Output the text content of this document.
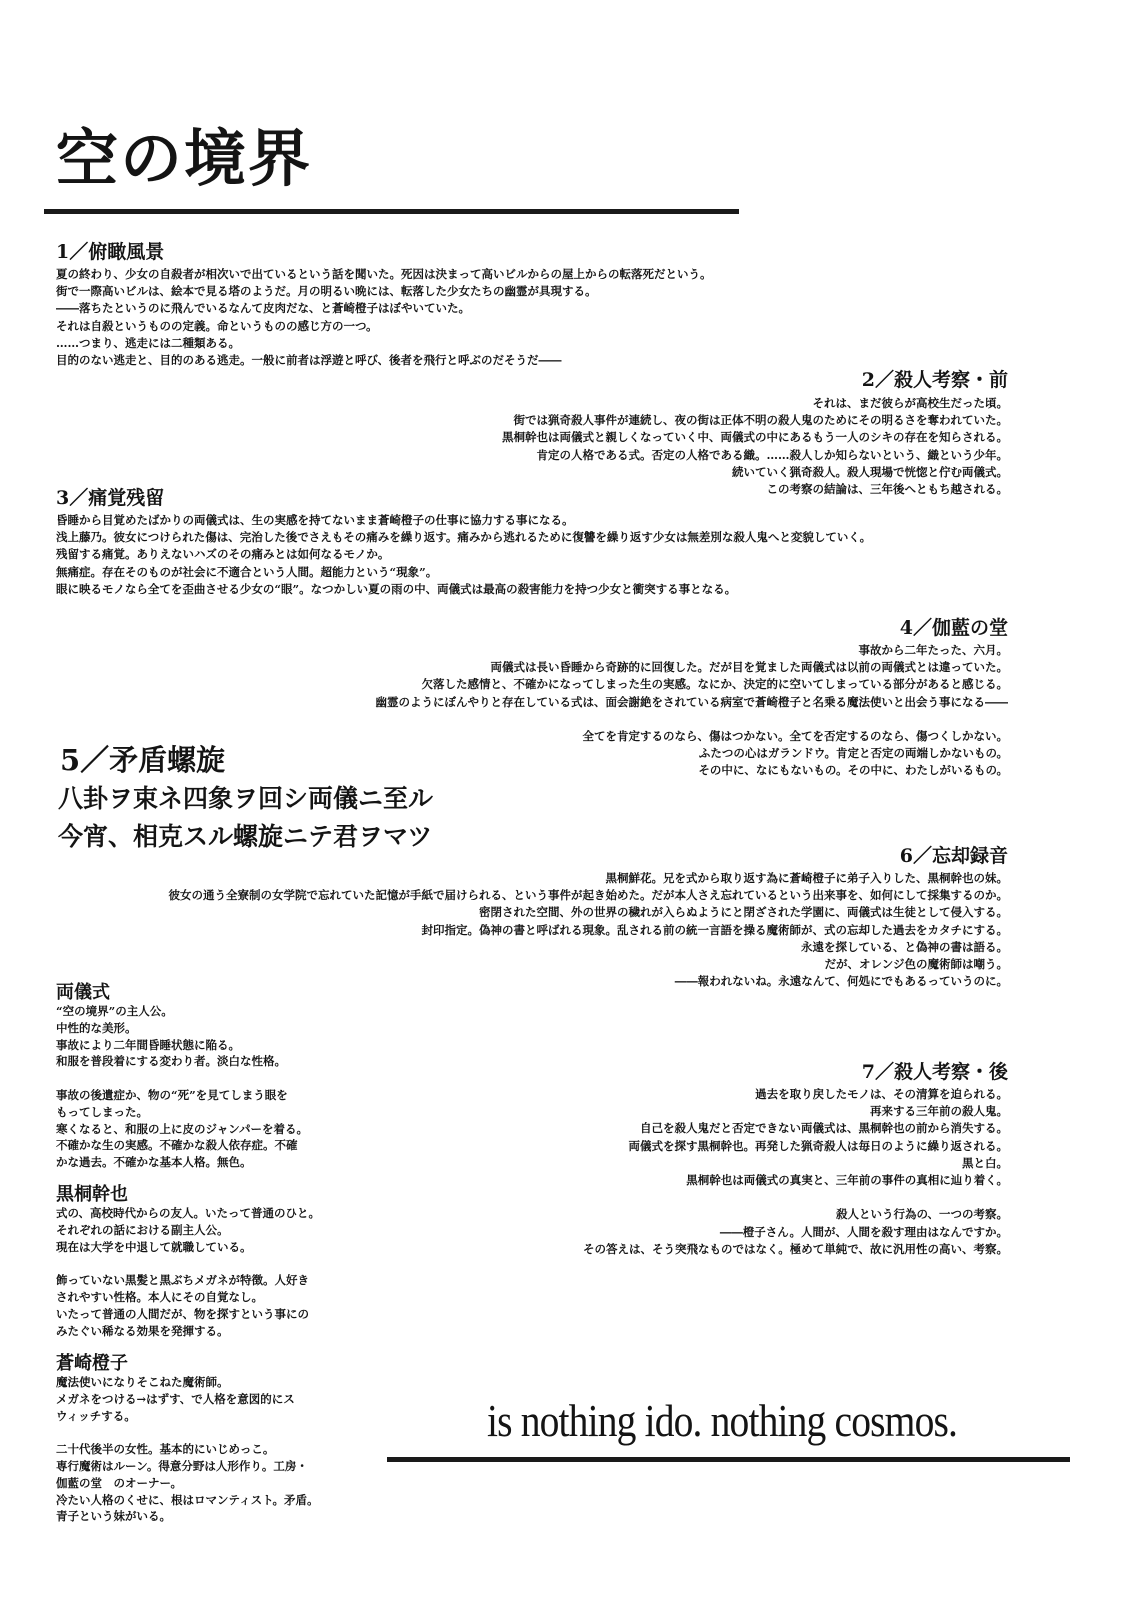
空の境界
1／俯瞰風景
夏の終わり、少女の自殺者が相次いで出ているという話を聞いた。死因は決まって高いビルからの屋上からの転落死だという。
街で一際高いビルは、絵本で見る塔のようだ。月の明るい晩には、転落した少女たちの幽霊が具現する。
――落ちたというのに飛んでいるなんて皮肉だな、と蒼崎橙子はぼやいていた。
それは自殺というものの定義。命というものの感じ方の一つ。
……つまり、逃走には二種類ある。
目的のない逃走と、目的のある逃走。一般に前者は浮遊と呼び、後者を飛行と呼ぶのだそうだ――
2／殺人考察・前
それは、まだ彼らが高校生だった頃。
街では猟奇殺人事件が連続し、夜の街は正体不明の殺人鬼のためにその明るさを奪われていた。
黒桐幹也は両儀式と親しくなっていく中、両儀式の中にあるもう一人のシキの存在を知らされる。
肯定の人格である式。否定の人格である織。……殺人しか知らないという、織という少年。
続いていく猟奇殺人。殺人現場で恍惚と佇む両儀式。
この考察の結論は、三年後へともち越される。
3／痛覚残留
昏睡から目覚めたばかりの両儀式は、生の実感を持てないまま蒼崎橙子の仕事に協力する事になる。
浅上藤乃。彼女につけられた傷は、完治した後でさえもその痛みを繰り返す。痛みから逃れるために復讐を繰り返す少女は無差別な殺人鬼へと変貌していく。
残留する痛覚。ありえないハズのその痛みとは如何なるモノか。
無痛症。存在そのものが社会に不適合という人間。超能力という“現象”。
眼に映るモノなら全てを歪曲させる少女の“眼”。なつかしい夏の雨の中、両儀式は最高の殺害能力を持つ少女と衝突する事となる。
4／伽藍の堂
事故から二年たった、六月。
両儀式は長い昏睡から奇跡的に回復した。だが目を覚ました両儀式は以前の両儀式とは違っていた。
欠落した感情と、不確かになってしまった生の実感。なにか、決定的に空いてしまっている部分があると感じる。
幽霊のようにぼんやりと存在している式は、面会謝絶をされている病室で蒼崎橙子と名乗る魔法使いと出会う事になる――
全てを肯定するのなら、傷はつかない。全てを否定するのなら、傷つくしかない。
ふたつの心はガランドウ。肯定と否定の両端しかないもの。
その中に、なにもないもの。その中に、わたしがいるもの。
5／矛盾螺旋
八卦ヲ束ネ四象ヲ回シ両儀ニ至ル
今宵、相克スル螺旋ニテ君ヲマツ
6／忘却録音
黒桐鮮花。兄を式から取り返す為に蒼崎橙子に弟子入りした、黒桐幹也の妹。
彼女の通う全寮制の女学院で忘れていた記憶が手紙で届けられる、という事件が起き始めた。だが本人さえ忘れているという出来事を、如何にして採集するのか。
密閉された空間、外の世界の穢れが入らぬようにと閉ざされた学園に、両儀式は生徒として侵入する。
封印指定。偽神の書と呼ばれる現象。乱される前の統一言語を操る魔術師が、式の忘却した過去をカタチにする。
永遠を探している、と偽神の書は語る。
だが、オレンジ色の魔術師は嘲う。
――報われないね。永遠なんて、何処にでもあるっていうのに。
7／殺人考察・後
過去を取り戻したモノは、その清算を迫られる。
再来する三年前の殺人鬼。
自己を殺人鬼だと否定できない両儀式は、黒桐幹也の前から消失する。
両儀式を探す黒桐幹也。再発した猟奇殺人は毎日のように繰り返される。
黒と白。
黒桐幹也は両儀式の真実と、三年前の事件の真相に辿り着く。
殺人という行為の、一つの考察。
――橙子さん。人間が、人間を殺す理由はなんですか。
その答えは、そう突飛なものではなく。極めて単純で、故に汎用性の高い、考察。
両儀式
“空の境界”の主人公。
中性的な美形。
事故により二年間昏睡状態に陥る。
和服を普段着にする変わり者。淡白な性格。
事故の後遺症か、物の“死”を見てしまう眼を
もってしまった。
寒くなると、和服の上に皮のジャンパーを着る。
不確かな生の実感。不確かな殺人依存症。不確
かな過去。不確かな基本人格。無色。
黒桐幹也
式の、高校時代からの友人。いたって普通のひと。
それぞれの話における副主人公。
現在は大学を中退して就職している。
飾っていない黒髪と黒ぶちメガネが特徴。人好き
されやすい性格。本人にその自覚なし。
いたって普通の人間だが、物を探すという事にの
みたぐい稀なる効果を発揮する。
蒼崎橙子
魔法使いになりそこねた魔術師。
メガネをつける→はずす、で人格を意図的にス
ウィッチする。
二十代後半の女性。基本的にいじめっこ。
専行魔術はルーン。得意分野は人形作り。工房・
伽藍の堂　のオーナー。
冷たい人格のくせに、根はロマンティスト。矛盾。
青子という妹がいる。
is nothing ido. nothing cosmos.
